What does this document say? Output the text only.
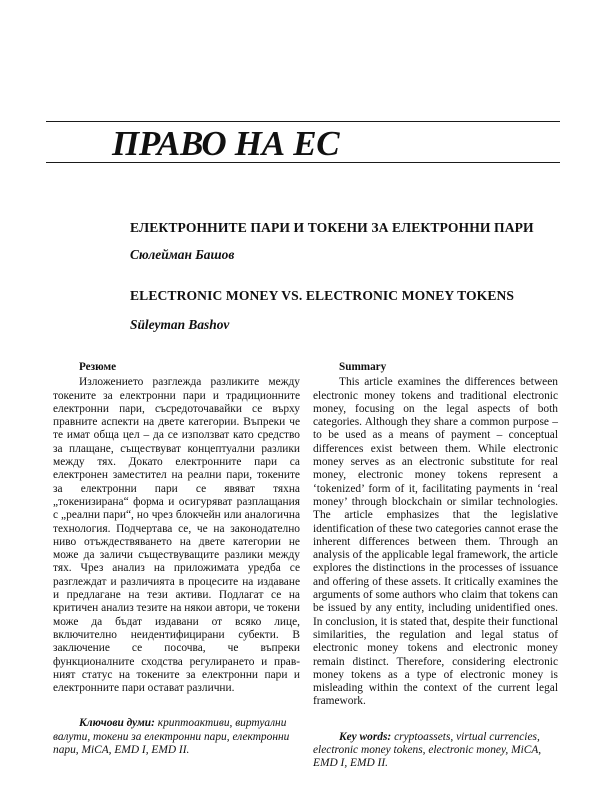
ПРАВО НА ЕС
ЕЛЕКТРОННИТЕ ПАРИ И ТОКЕНИ ЗА ЕЛЕКТРОННИ ПАРИ
Сюлейман Башов
ELECTRONIC MONEY VS. ELECTRONIC MONEY TOKENS
Süleyman Bashov
Резюме

Изложението разглежда разликите между токените за електронни пари и традиционните електронни пари, съсредоточавайки се върху правните аспекти на двете категории. Въпреки че те имат обща цел – да се използват като средство за плащане, съществуват концептуални разлики между тях. Докато електронните пари са електронен заместител на реални пари, токените за електронни пари се явяват тяхна „токенизирана“ форма и осигуряват разплащания с „реални пари“, но чрез блокчейн или аналогична технология. Подчертава се, че на законодателно ниво отъждествяването на двете категории не може да заличи съществуващите разлики между тях. Чрез анализ на приложимата уредба се разглеждат и различията в процесите на издаване и предлагане на тези активи. Подлагат се на критичен анализ тезите на някои автори, че токени може да бъдат издавани от всяко лице, включително неидентифицирани субекти. В заключение се посочва, че въпреки функционалните сходства регулирането и правният статус на токените за електронни пари и електронните пари остават различни.

Ключови думи: криптоактиви, виртуални валути, токени за електронни пари, електронни пари, MiCA, EMD I, EMD II.

Summary

This article examines the differences between electronic money tokens and traditional electronic money, focusing on the legal aspects of both categories. Although they share a common purpose – to be used as a means of payment – conceptual differences exist between them. While electronic money serves as an electronic substitute for real money, electronic money tokens represent a ‘tokenized’ form of it, facilitating payments in ‘real money’ through blockchain or similar technologies. The article emphasizes that the legislative identification of these two categories cannot erase the inherent differences between them. Through an analysis of the applicable legal framework, the article explores the distinctions in the processes of issuance and offering of these assets. It critically examines the arguments of some authors who claim that tokens can be issued by any entity, including unidentified ones. In conclusion, it is stated that, despite their functional similarities, the regulation and legal status of electronic money tokens and electronic money remain distinct. Therefore, considering electronic money tokens as a type of electronic money is misleading within the context of the current legal framework.

Key words: cryptoassets, virtual currencies, electronic money tokens, electronic money, MiCA, EMD I, EMD II.
